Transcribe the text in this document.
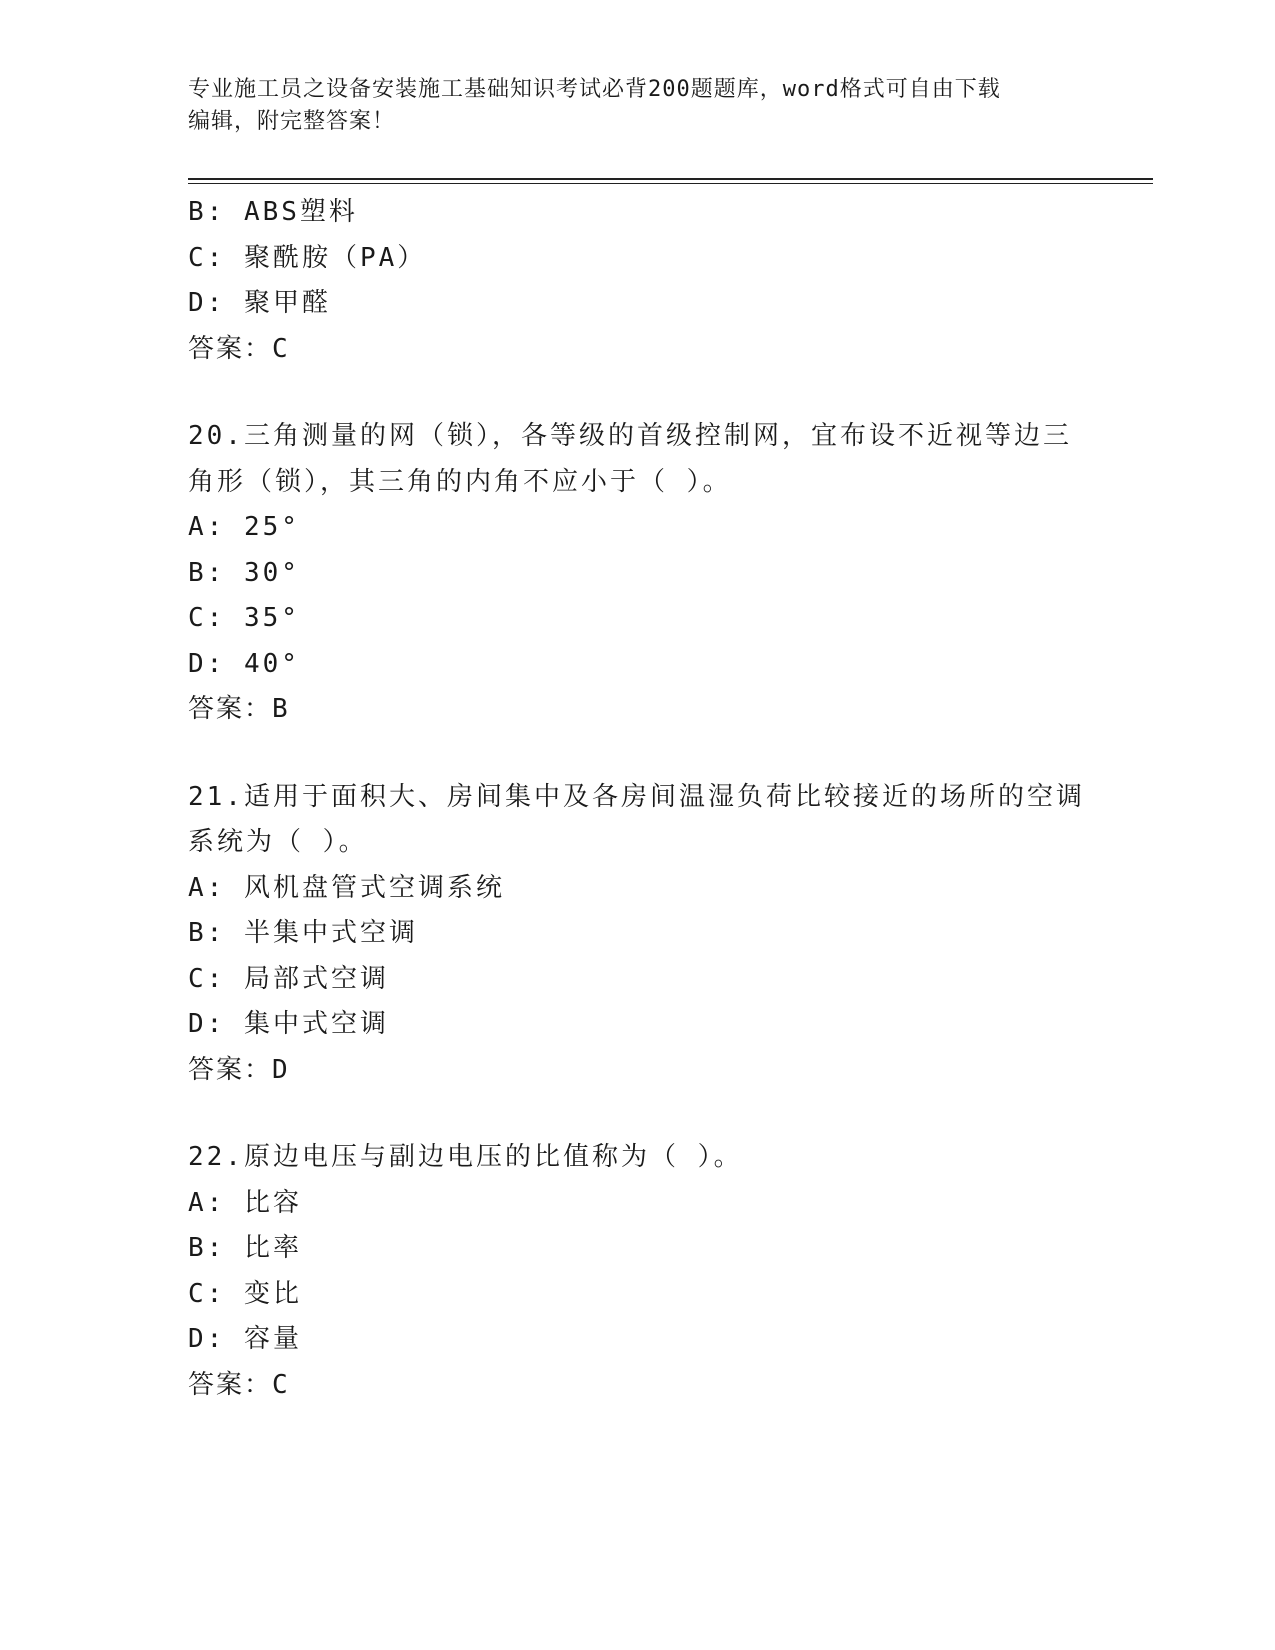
专业施工员之设备安装施工基础知识考试必背200题题库，word格式可自由下载
编辑，附完整答案！
B: ABS塑料
C: 聚酰胺（PA）
D: 聚甲醛
答案：C
20.三角测量的网（锁），各等级的首级控制网，宜布设不近视等边三
角形（锁），其三角的内角不应小于（ ）。
A: 25°
B: 30°
C: 35°
D: 40°
答案：B
21.适用于面积大、房间集中及各房间温湿负荷比较接近的场所的空调
系统为（ ）。
A: 风机盘管式空调系统
B: 半集中式空调
C: 局部式空调
D: 集中式空调
答案：D
22.原边电压与副边电压的比值称为（ ）。
A: 比容
B: 比率
C: 变比
D: 容量
答案：C
